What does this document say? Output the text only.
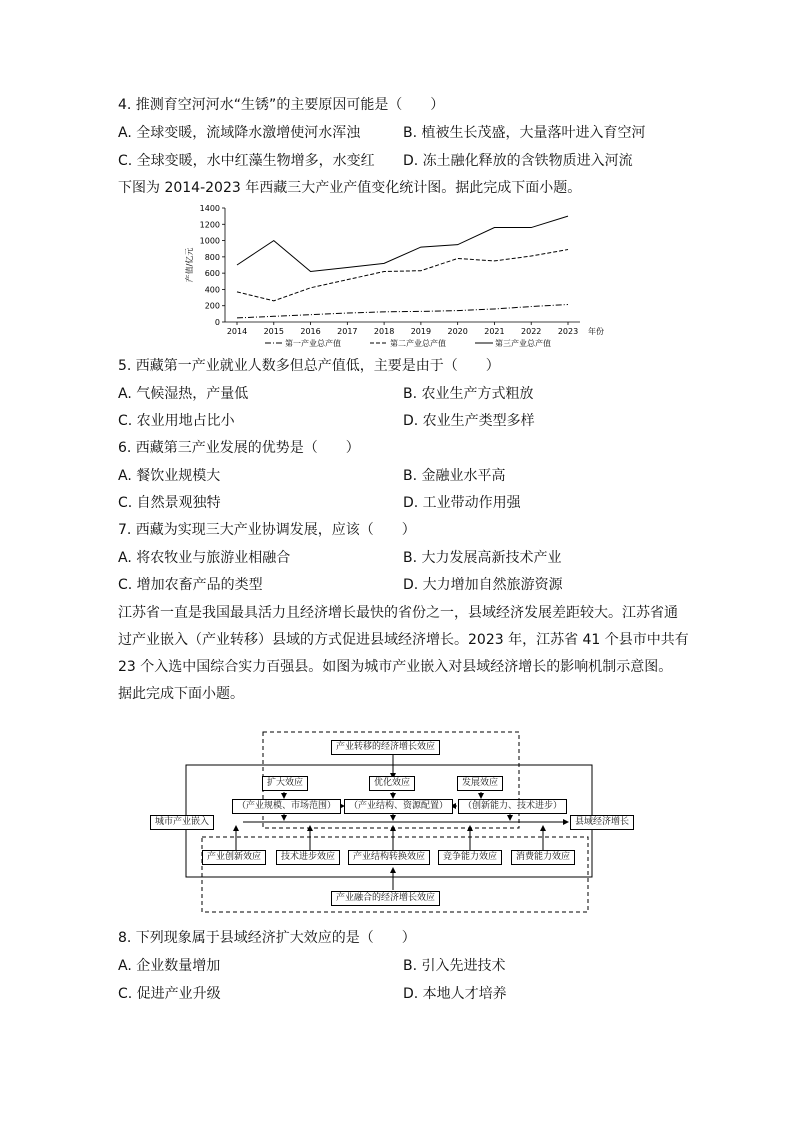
4. 推测育空河河水“生锈”的主要原因可能是（　　）
A. 全球变暖，流域降水激增使河水浑浊	B. 植被生长茂盛，大量落叶进入育空河
C. 全球变暖，水中红藻生物增多，水变红 D. 冻土融化释放的含铁物质进入河流
下图为 2014-2023 年西藏三大产业产值变化统计图。据此完成下面小题。
0
200
400
600
800
1000
1200
1400
2014 2015 2016 2017 2018 2019 2020 2021 2022 2023
产值/亿元
年份
第一产业总产值	第二产业总产值	第三产业总产值
5. 西藏第一产业就业人数多但总产值低，主要是由于（　　）
A. 气候湿热，产量低	B. 农业生产方式粗放
C. 农业用地占比小	D. 农业生产类型多样
6. 西藏第三产业发展的优势是（　　）
A. 餐饮业规模大	B. 金融业水平高
C. 自然景观独特	D. 工业带动作用强
7. 西藏为实现三大产业协调发展，应该（　　）
A. 将农牧业与旅游业相融合	B. 大力发展高新技术产业
C. 增加农畜产品的类型	D. 大力增加自然旅游资源
江苏省一直是我国最具活力且经济增长最快的省份之一，县域经济发展差距较大。江苏省通
过产业嵌入（产业转移）县域的方式促进县域经济增长。2023 年，江苏省 41 个县市中共有
23 个入选中国综合实力百强县。如图为城市产业嵌入对县域经济增长的影响机制示意图。
据此完成下面小题。
产业转移的经济增长效应
扩大效应	优化效应	发展效应
（产业规模、市场范围）	（产业结构、资源配置）	（创新能力、技术进步）
城市产业嵌入	县域经济增长
产业创新效应	技术进步效应	产业结构转换效应	竞争能力效应	消费能力效应
产业融合的经济增长效应
8. 下列现象属于县域经济扩大效应的是（　　）
A. 企业数量增加	B. 引入先进技术
C. 促进产业升级	D. 本地人才培养
